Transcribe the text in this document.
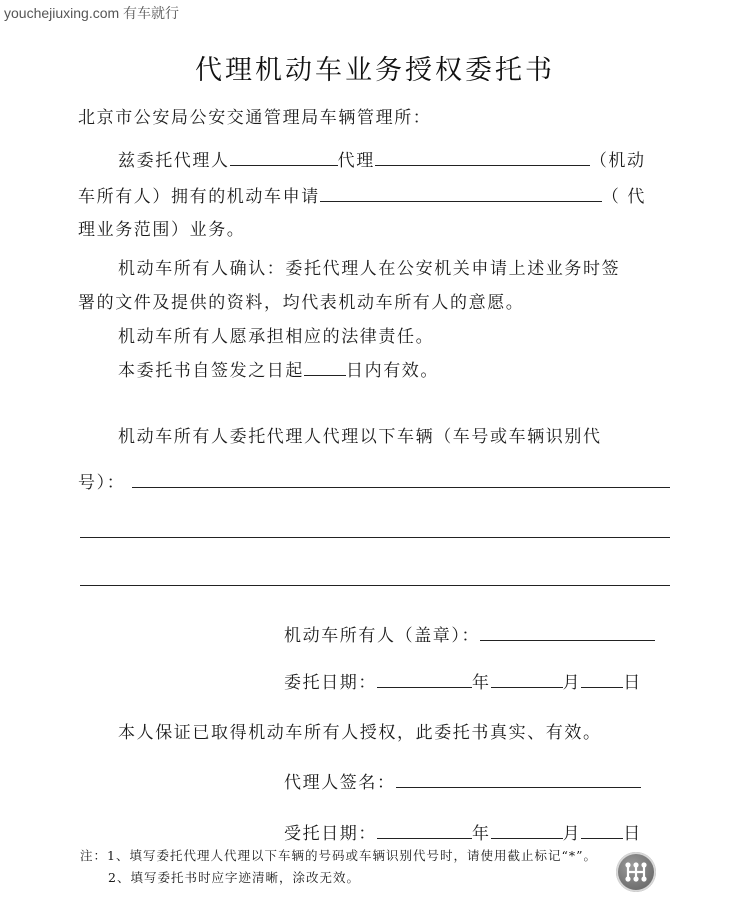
youchejiuxing.com 有车就行
代理机动车业务授权委托书
北京市公安局公安交通管理局车辆管理所：
兹委托代理人	代理	（机动
车所有人）拥有的机动车申请	（ 代
理业务范围）业务。
机动车所有人确认：委托代理人在公安机关申请上述业务时签
署的文件及提供的资料，均代表机动车所有人的意愿。
机动车所有人愿承担相应的法律责任。
本委托书自签发之日起 日内有效。
机动车所有人委托代理人代理以下车辆（车号或车辆识别代
号）：
机动车所有人（盖章）：
委托日期：	年	月 日
本人保证已取得机动车所有人授权，此委托书真实、有效。
代理人签名：
受托日期：	年	月 日
注：1、填写委托代理人代理以下车辆的号码或车辆识别代号时，请使用截止标记“*”。
2、填写委托书时应字迹清晰，涂改无效。
